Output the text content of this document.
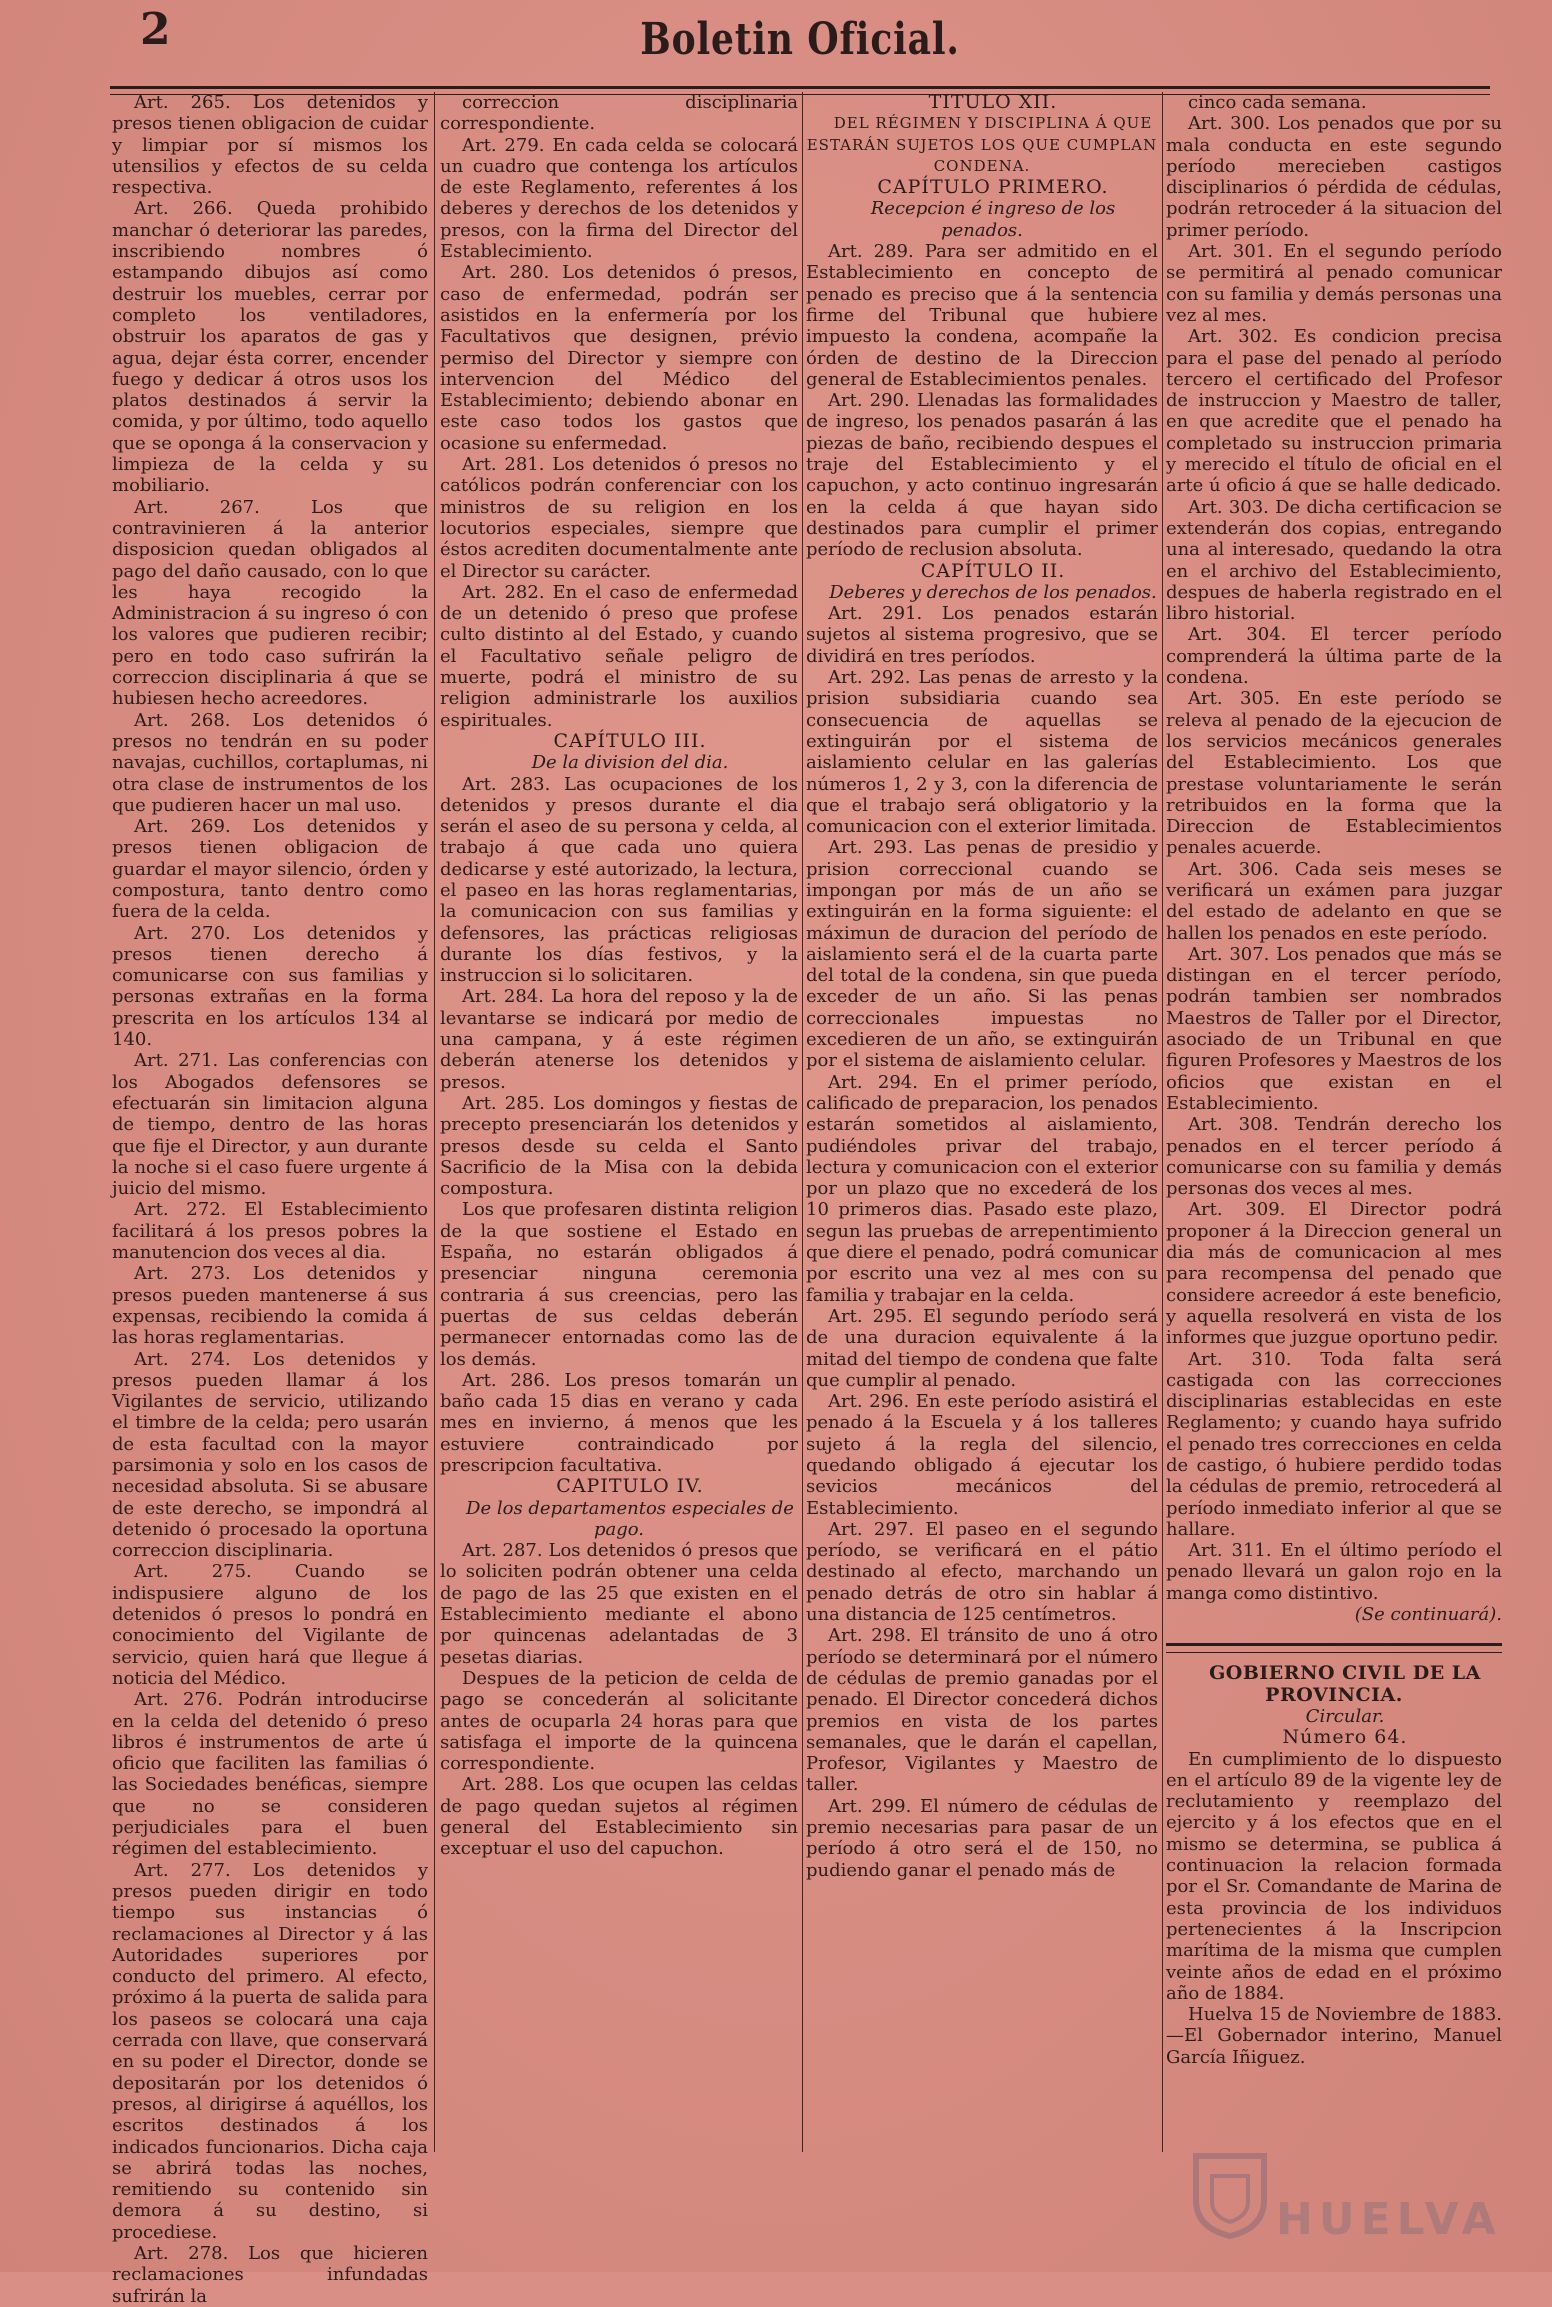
2	Boletin Oficial.

Art. 265. Los detenidos y presos tienen obligacion de cuidar y limpiar por sí mismos los utensilios y efectos de su celda respectiva.

Art. 266. Queda prohibido manchar ó deteriorar las paredes, inscribiendo nombres ó estampando dibujos así como destruir los muebles, cerrar por completo los ventiladores, obstruir los aparatos de gas y agua, dejar ésta correr, encender fuego y dedicar á otros usos los platos destinados á servir la comida, y por último, todo aquello que se oponga á la conservacion y limpieza de la celda y su mobiliario.

Art. 267. Los que contravinieren á la anterior disposicion quedan obligados al pago del daño causado, con lo que les haya recogido la Administracion á su ingreso ó con los valores que pudieren recibir; pero en todo caso sufrirán la correccion disciplinaria á que se hubiesen hecho acreedores.

Art. 268. Los detenidos ó presos no tendrán en su poder navajas, cuchillos, cortaplumas, ni otra clase de instrumentos de los que pudieren hacer un mal uso.

Art. 269. Los detenidos y presos tienen obligacion de guardar el mayor silencio, órden y compostura, tanto dentro como fuera de la celda.

Art. 270. Los detenidos y presos tienen derecho á comunicarse con sus familias y personas extrañas en la forma prescrita en los artículos 134 al 140.

Art. 271. Las conferencias con los Abogados defensores se efectuarán sin limitacion alguna de tiempo, dentro de las horas que fije el Director, y aun durante la noche si el caso fuere urgente á juicio del mismo.

Art. 272. El Establecimiento facilitará á los presos pobres la manutencion dos veces al dia.

Art. 273. Los detenidos y presos pueden mantenerse á sus expensas, recibiendo la comida á las horas reglamentarias.

Art. 274. Los detenidos y presos pueden llamar á los Vigilantes de servicio, utilizando el timbre de la celda; pero usarán de esta facultad con la mayor parsimonia y solo en los casos de necesidad absoluta. Si se abusare de este derecho, se impondrá al detenido ó procesado la oportuna correccion disciplinaria.

Art. 275. Cuando se indispusiere alguno de los detenidos ó presos lo pondrá en conocimiento del Vigilante de servicio, quien hará que llegue á noticia del Médico.

Art. 276. Podrán introducirse en la celda del detenido ó preso libros é instrumentos de arte ú oficio que faciliten las familias ó las Sociedades benéficas, siempre que no se consideren perjudiciales para el buen régimen del establecimiento.

Art. 277. Los detenidos y presos pueden dirigir en todo tiempo sus instancias ó reclamaciones al Director y á las Autoridades superiores por conducto del primero. Al efecto, próximo á la puerta de salida para los paseos se colocará una caja cerrada con llave, que conservará en su poder el Director, donde se depositarán por los detenidos ó presos, al dirigirse á aquéllos, los escritos destinados á los indicados funcionarios. Dicha caja se abrirá todas las noches, remitiendo su contenido sin demora á su destino, si procediese.

Art. 278. Los que hicieren reclamaciones infundadas sufrirán la

correccion disciplinaria correspondiente.

Art. 279. En cada celda se colocará un cuadro que contenga los artículos de este Reglamento, referentes á los deberes y derechos de los detenidos y presos, con la firma del Director del Establecimiento.

Art. 280. Los detenidos ó presos, caso de enfermedad, podrán ser asistidos en la enfermería por los Facultativos que designen, prévio permiso del Director y siempre con intervencion del Médico del Establecimiento; debiendo abonar en este caso todos los gastos que ocasione su enfermedad.

Art. 281. Los detenidos ó presos no católicos podrán conferenciar con los ministros de su religion en los locutorios especiales, siempre que éstos acrediten documentalmente ante el Director su carácter.

Art. 282. En el caso de enfermedad de un detenido ó preso que profese culto distinto al del Estado, y cuando el Facultativo señale peligro de muerte, podrá el ministro de su religion administrarle los auxilios espirituales.

CAPÍTULO III.

De la division del dia.

Art. 283. Las ocupaciones de los detenidos y presos durante el dia serán el aseo de su persona y celda, al trabajo á que cada uno quiera dedicarse y esté autorizado, la lectura, el paseo en las horas reglamentarias, la comunicacion con sus familias y defensores, las prácticas religiosas durante los días festivos, y la instruccion si lo solicitaren.

Art. 284. La hora del reposo y la de levantarse se indicará por medio de una campana, y á este régimen deberán atenerse los detenidos y presos.

Art. 285. Los domingos y fiestas de precepto presenciarán los detenidos y presos desde su celda el Santo Sacrificio de la Misa con la debida compostura.

Los que profesaren distinta religion de la que sostiene el Estado en España, no estarán obligados á presenciar ninguna ceremonia contraria á sus creencias, pero las puertas de sus celdas deberán permanecer entornadas como las de los demás.

Art. 286. Los presos tomarán un baño cada 15 dias en verano y cada mes en invierno, á menos que les estuviere contraindicado por prescripcion facultativa.

CAPITULO IV.

De los departamentos especiales de pago.

Art. 287. Los detenidos ó presos que lo soliciten podrán obtener una celda de pago de las 25 que existen en el Establecimiento mediante el abono por quincenas adelantadas de 3 pesetas diarias.

Despues de la peticion de celda de pago se concederán al solicitante antes de ocuparla 24 horas para que satisfaga el importe de la quincena correspondiente.

Art. 288. Los que ocupen las celdas de pago quedan sujetos al régimen general del Establecimiento sin exceptuar el uso del capuchon.

TITULO XII.

DEL RÉGIMEN Y DISCIPLINA Á QUE ESTARÁN SUJETOS LOS QUE CUMPLAN CONDENA.

CAPÍTULO PRIMERO.

Recepcion é ingreso de los penados.

Art. 289. Para ser admitido en el Establecimiento en concepto de penado es preciso que á la sentencia firme del Tribunal que hubiere impuesto la condena, acompañe la órden de destino de la Direccion general de Establecimientos penales.

Art. 290. Llenadas las formalidades de ingreso, los penados pasarán á las piezas de baño, recibiendo despues el traje del Establecimiento y el capuchon, y acto continuo ingresarán en la celda á que hayan sido destinados para cumplir el primer período de reclusion absoluta.

CAPÍTULO II.

Deberes y derechos de los penados.

Art. 291. Los penados estarán sujetos al sistema progresivo, que se dividirá en tres períodos.

Art. 292. Las penas de arresto y la prision subsidiaria cuando sea consecuencia de aquellas se extinguirán por el sistema de aislamiento celular en las galerías números 1, 2 y 3, con la diferencia de que el trabajo será obligatorio y la comunicacion con el exterior limitada.

Art. 293. Las penas de presidio y prision correccional cuando se impongan por más de un año se extinguirán en la forma siguiente: el máximun de duracion del período de aislamiento será el de la cuarta parte del total de la condena, sin que pueda exceder de un año. Si las penas correccionales impuestas no excedieren de un año, se extinguirán por el sistema de aislamiento celular.

Art. 294. En el primer período, calificado de preparacion, los penados estarán sometidos al aislamiento, pudiéndoles privar del trabajo, lectura y comunicacion con el exterior por un plazo que no excederá de los 10 primeros dias. Pasado este plazo, segun las pruebas de arrepentimiento que diere el penado, podrá comunicar por escrito una vez al mes con su familia y trabajar en la celda.

Art. 295. El segundo período será de una duracion equivalente á la mitad del tiempo de condena que falte que cumplir al penado.

Art. 296. En este período asistirá el penado á la Escuela y á los talleres sujeto á la regla del silencio, quedando obligado á ejecutar los sevicios mecánicos del Establecimiento.

Art. 297. El paseo en el segundo período, se verificará en el pátio destinado al efecto, marchando un penado detrás de otro sin hablar á una distancia de 125 centímetros.

Art. 298. El tránsito de uno á otro período se determinará por el número de cédulas de premio ganadas por el penado. El Director concederá dichos premios en vista de los partes semanales, que le darán el capellan, Profesor, Vigilantes y Maestro de taller.

Art. 299. El número de cédulas de premio necesarias para pasar de un período á otro será el de 150, no pudiendo ganar el penado más de

cinco cada semana.

Art. 300. Los penados que por su mala conducta en este segundo período merecieben castigos disciplinarios ó pérdida de cédulas, podrán retroceder á la situacion del primer período.

Art. 301. En el segundo período se permitirá al penado comunicar con su familia y demás personas una vez al mes.

Art. 302. Es condicion precisa para el pase del penado al período tercero el certificado del Profesor de instruccion y Maestro de taller, en que acredite que el penado ha completado su instruccion primaria y merecido el título de oficial en el arte ú oficio á que se halle dedicado.

Art. 303. De dicha certificacion se extenderán dos copias, entregando una al interesado, quedando la otra en el archivo del Establecimiento, despues de haberla registrado en el libro historial.

Art. 304. El tercer período comprenderá la última parte de la condena.

Art. 305. En este período se releva al penado de la ejecucion de los servicios mecánicos generales del Establecimiento. Los que prestase voluntariamente le serán retribuidos en la forma que la Direccion de Establecimientos penales acuerde.

Art. 306. Cada seis meses se verificará un exámen para juzgar del estado de adelanto en que se hallen los penados en este período.

Art. 307. Los penados que más se distingan en el tercer período, podrán tambien ser nombrados Maestros de Taller por el Director, asociado de un Tribunal en que figuren Profesores y Maestros de los oficios que existan en el Establecimiento.

Art. 308. Tendrán derecho los penados en el tercer período á comunicarse con su familia y demás personas dos veces al mes.

Art. 309. El Director podrá proponer á la Direccion general un dia más de comunicacion al mes para recompensa del penado que considere acreedor á este beneficio, y aquella resolverá en vista de los informes que juzgue oportuno pedir.

Art. 310. Toda falta será castigada con las correcciones disciplinarias establecidas en este Reglamento; y cuando haya sufrido el penado tres correcciones en celda de castigo, ó hubiere perdido todas la cédulas de premio, retrocederá al período inmediato inferior al que se hallare.

Art. 311. En el último período el penado llevará un galon rojo en la manga como distintivo.

(Se continuará).

GOBIERNO CIVIL DE LA PROVINCIA.

Circular.

Número 64.

En cumplimiento de lo dispuesto en el artículo 89 de la vigente ley de reclutamiento y reemplazo del ejercito y á los efectos que en el mismo se determina, se publica á continuacion la relacion formada por el Sr. Comandante de Marina de esta provincia de los individuos pertenecientes á la Inscripcion marítima de la misma que cumplen veinte años de edad en el próximo año de 1884.

Huelva 15 de Noviembre de 1883. —El Gobernador interino, Manuel García Iñiguez.

HUELVA
